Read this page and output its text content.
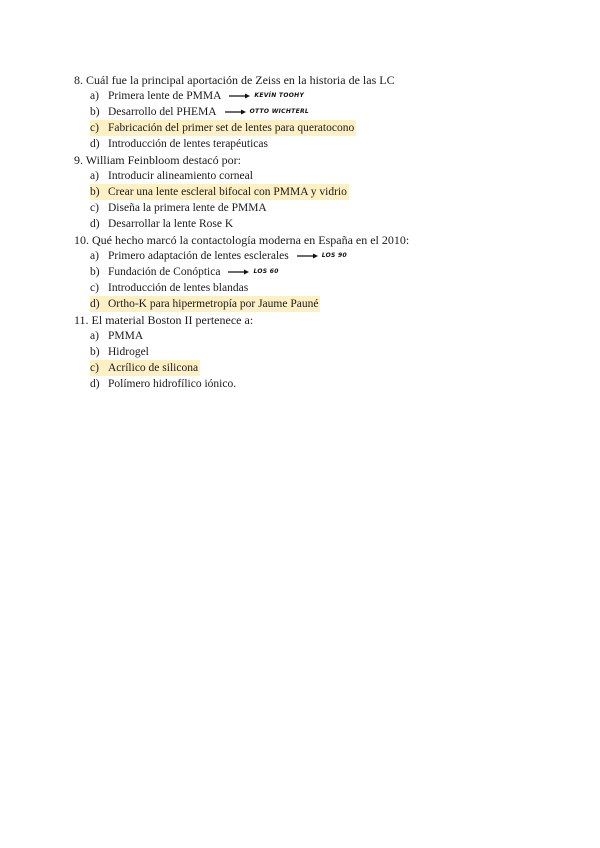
8. Cuál fue la principal aportación de Zeiss en la historia de las LC
a) Primera lente de PMMA	KEVÍN TOOHY
b) Desarrollo del PHEMA	OTTO WICHTERL
c) Fabricación del primer set de lentes para queratocono
d) Introducción de lentes terapéuticas
9. William Feinbloom destacó por:
a) Introducir alineamiento corneal
b) Crear una lente escleral bifocal con PMMA y vidrio
c) Diseña la primera lente de PMMA
d) Desarrollar la lente Rose K
10. Qué hecho marcó la contactología moderna en España en el 2010:
a) Primero adaptación de lentes esclerales	LOS 90
b) Fundación de Conóptica	LOS 60
c) Introducción de lentes blandas
d) Ortho-K para hipermetropía por Jaume Pauné
11. El material Boston II pertenece a:
a) PMMA
b) Hidrogel
c) Acrílico de silicona
d) Polímero hidrofílico iónico.
